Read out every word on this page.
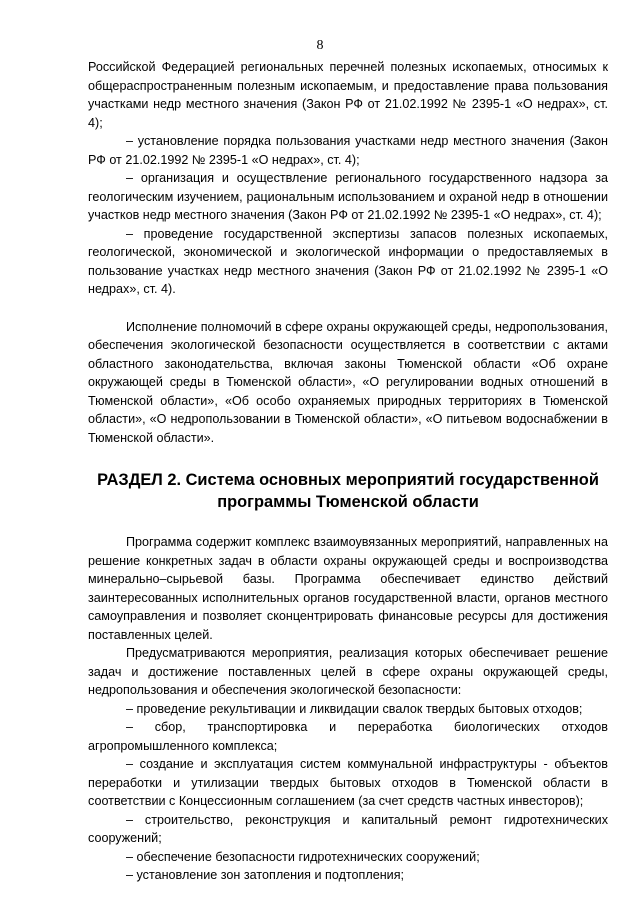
8

Российской Федерацией региональных перечней полезных ископаемых, относимых к общераспространенным полезным ископаемым, и предоставление права пользования участками недр местного значения (Закон РФ от 21.02.1992 № 2395-1 «О недрах», ст. 4);

– установление порядка пользования участками недр местного значения (Закон РФ от 21.02.1992 № 2395-1 «О недрах», ст. 4);

– организация и осуществление регионального государственного надзора за геологическим изучением, рациональным использованием и охраной недр в отношении участков недр местного значения (Закон РФ от 21.02.1992 № 2395-1 «О недрах», ст. 4);

– проведение государственной экспертизы запасов полезных ископаемых, геологической, экономической и экологической информации о предоставляемых в пользование участках недр местного значения (Закон РФ от 21.02.1992 № 2395-1 «О недрах», ст. 4).

Исполнение полномочий в сфере охраны окружающей среды, недропользования, обеспечения экологической безопасности осуществляется в соответствии с актами областного законодательства, включая законы Тюменской области «Об охране окружающей среды в Тюменской области», «О регулировании водных отношений в Тюменской области», «Об особо охраняемых природных территориях в Тюменской области», «О недропользовании в Тюменской области», «О питьевом водоснабжении в Тюменской области».

РАЗДЕЛ 2. Система основных мероприятий государственной программы Тюменской области

Программа содержит комплекс взаимоувязанных мероприятий, направленных на решение конкретных задач в области охраны окружающей среды и воспроизводства минерально–сырьевой базы. Программа обеспечивает единство действий заинтересованных исполнительных органов государственной власти, органов местного самоуправления и позволяет сконцентрировать финансовые ресурсы для достижения поставленных целей.

Предусматриваются мероприятия, реализация которых обеспечивает решение задач и достижение поставленных целей в сфере охраны окружающей среды, недропользования и обеспечения экологической безопасности:

– проведение рекультивации и ликвидации свалок твердых бытовых отходов;

– сбор, транспортировка и переработка биологических отходов агропромышленного комплекса;

– создание и эксплуатация систем коммунальной инфраструктуры - объектов переработки и утилизации твердых бытовых отходов в Тюменской области в соответствии с Концессионным соглашением (за счет средств частных инвесторов);

– строительство, реконструкция и капитальный ремонт гидротехнических сооружений;

– обеспечение безопасности гидротехнических сооружений;

– установление зон затопления и подтопления;
